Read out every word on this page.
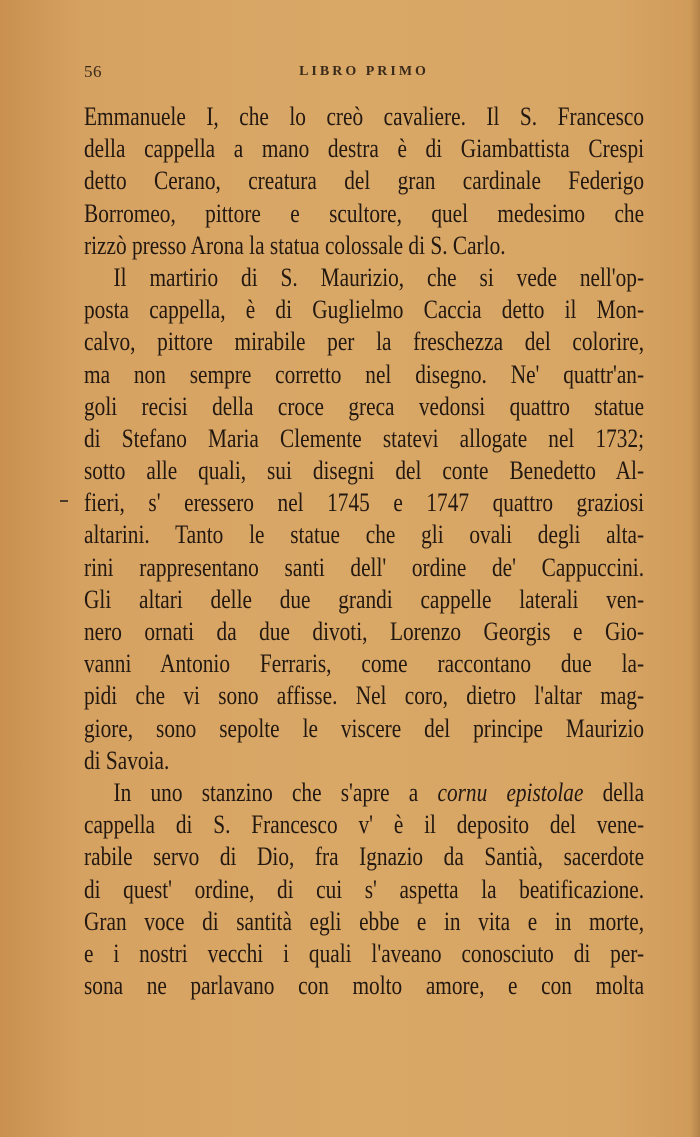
56	LIBRO PRIMO
Emmanuele I, che lo creò cavaliere. Il S. Francesco
della cappella a mano destra è di Giambattista Crespi
detto Cerano, creatura del gran cardinale Federigo
Borromeo, pittore e scultore, quel medesimo che
rizzò presso Arona la statua colossale di S. Carlo.
Il martirio di S. Maurizio, che si vede nell'op-
posta cappella, è di Guglielmo Caccia detto il Mon-
calvo, pittore mirabile per la freschezza del colorire,
ma non sempre corretto nel disegno. Ne' quattr'an-
goli recisi della croce greca vedonsi quattro statue
di Stefano Maria Clemente statevi allogate nel 1732;
sotto alle quali, sui disegni del conte Benedetto Al-
fieri, s' eressero nel 1745 e 1747 quattro graziosi
altarini. Tanto le statue che gli ovali degli alta-
rini rappresentano santi dell' ordine de' Cappuccini.
Gli altari delle due grandi cappelle laterali ven-
nero ornati da due divoti, Lorenzo Georgis e Gio-
vanni Antonio Ferraris, come raccontano due la-
pidi che vi sono affisse. Nel coro, dietro l'altar mag-
giore, sono sepolte le viscere del principe Maurizio
di Savoia.
In uno stanzino che s'apre a cornu epistolae della
cappella di S. Francesco v' è il deposito del vene-
rabile servo di Dio, fra Ignazio da Santià, sacerdote
di quest' ordine, di cui s' aspetta la beatificazione.
Gran voce di santità egli ebbe e in vita e in morte,
e i nostri vecchi i quali l'aveano conosciuto di per-
sona ne parlavano con molto amore, e con molta
